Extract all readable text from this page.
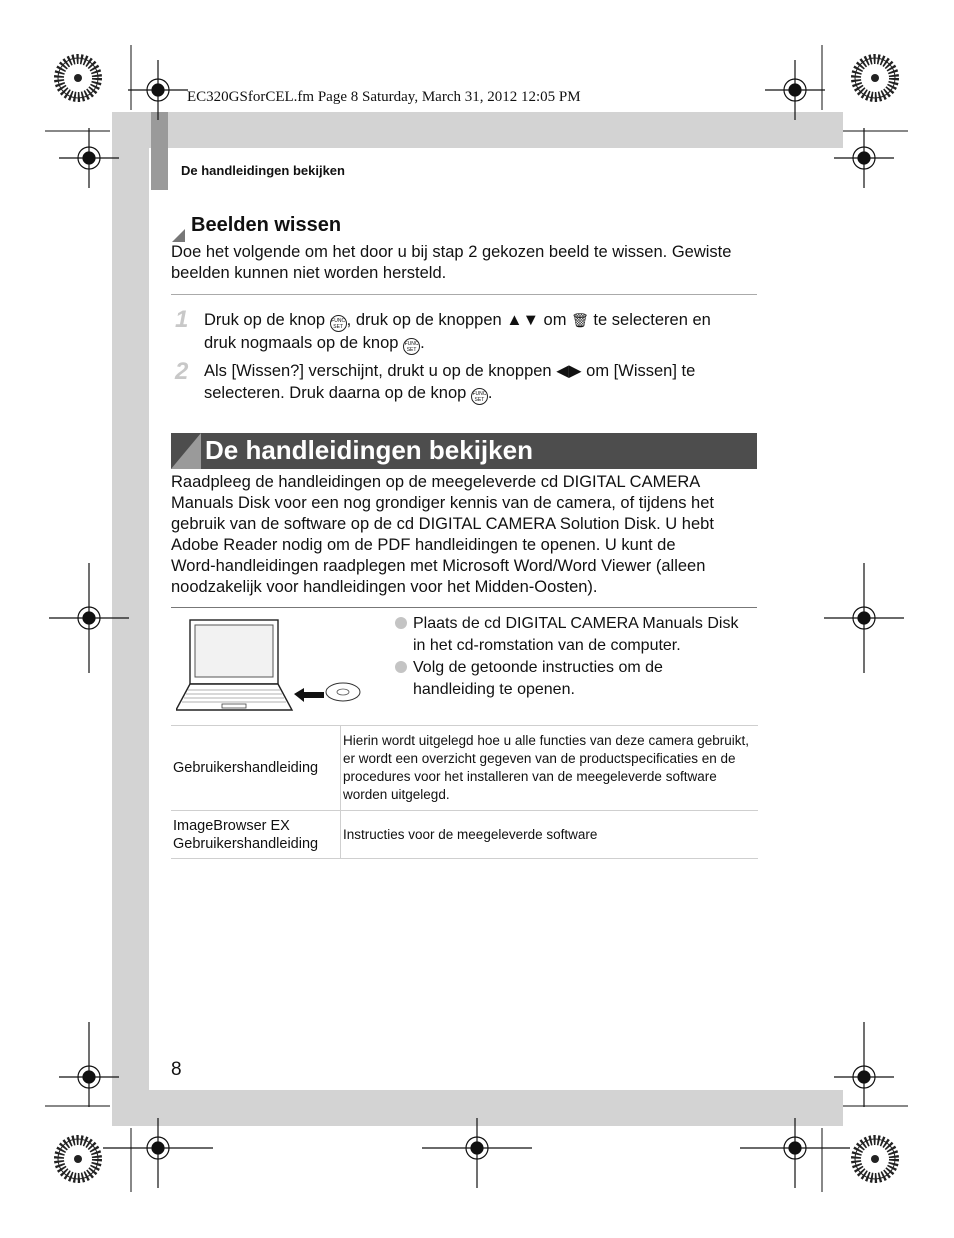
EC320GSforCEL.fm Page 8 Saturday, March 31, 2012 12:05 PM
De handleidingen bekijken
Beelden wissen
Doe het volgende om het door u bij stap 2 gekozen beeld te wissen. Gewiste
beelden kunnen niet worden hersteld.
1 Druk op de knop FUNC
SET , druk op de knoppen ▲▼ om 🗑 te selecteren en
druk nogmaals op de knop FUNC
SET .
2 Als [Wissen?] verschijnt, drukt u op de knoppen ◀▶ om [Wissen] te
selecteren. Druk daarna op de knop FUNC
SET .
De handleidingen bekijken
Raadpleeg de handleidingen op de meegeleverde cd DIGITAL CAMERA
Manuals Disk voor een nog grondiger kennis van de camera, of tijdens het
gebruik van de software op de cd DIGITAL CAMERA Solution Disk. U hebt
Adobe Reader nodig om de PDF handleidingen te openen. U kunt de
Word-handleidingen raadplegen met Microsoft Word/Word Viewer (alleen
noodzakelijk voor handleidingen voor het Midden-Oosten).
Plaats de cd DIGITAL CAMERA Manuals Disk
in het cd-romstation van de computer.
Volg de getoonde instructies om de
handleiding te openen.
Gebruikershandleiding	Hierin wordt uitgelegd hoe u alle functies van deze camera gebruikt, er wordt een overzicht gegeven van de productspecificaties en de procedures voor het installeren van de meegeleverde software worden uitgelegd.

ImageBrowser EX
Gebruikershandleiding	Instructies voor de meegeleverde software
8
